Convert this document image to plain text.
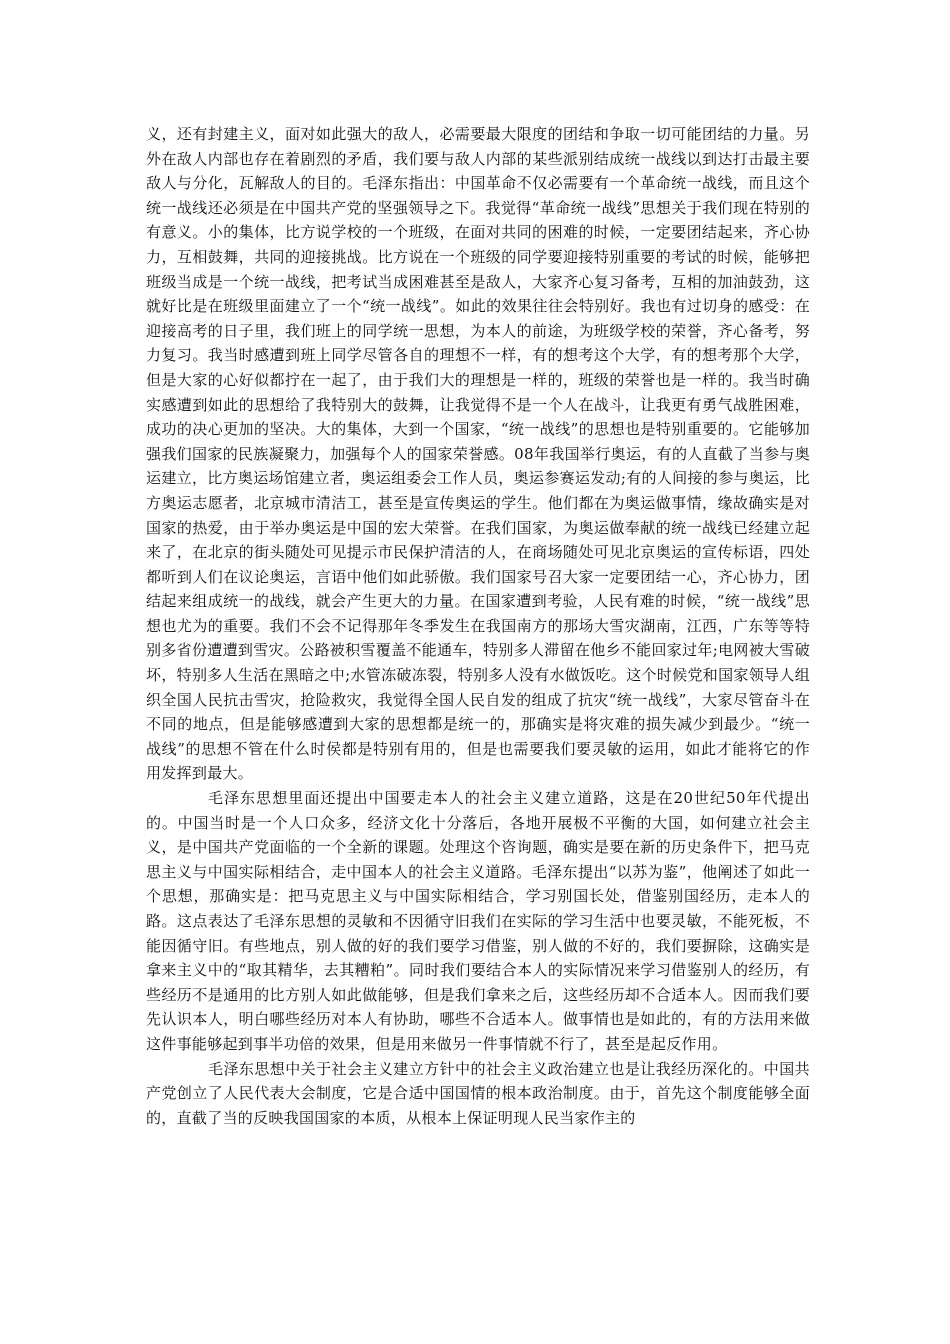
义，还有封建主义，面对如此强大的敌人，必需要最大限度的团结和争取一切可能团结的力量。另外在敌人内部也存在着剧烈的矛盾，我们要与敌人内部的某些派别结成统一战线以到达打击最主要敌人与分化，瓦解敌人的目的。毛泽东指出：中国革命不仅必需要有一个革命统一战线，而且这个统一战线还必须是在中国共产党的坚强领导之下。我觉得“革命统一战线”思想关于我们现在特别的有意义。小的集体，比方说学校的一个班级，在面对共同的困难的时候，一定要团结起来，齐心协力，互相鼓舞，共同的迎接挑战。比方说在一个班级的同学要迎接特别重要的考试的时候，能够把班级当成是一个统一战线，把考试当成困难甚至是敌人，大家齐心复习备考，互相的加油鼓劲，这就好比是在班级里面建立了一个“统一战线”。如此的效果往往会特别好。我也有过切身的感受：在迎接高考的日子里，我们班上的同学统一思想，为本人的前途，为班级学校的荣誉，齐心备考，努力复习。我当时感遭到班上同学尽管各自的理想不一样，有的想考这个大学，有的想考那个大学，但是大家的心好似都拧在一起了，由于我们大的理想是一样的，班级的荣誉也是一样的。我当时确实感遭到如此的思想给了我特别大的鼓舞，让我觉得不是一个人在战斗，让我更有勇气战胜困难，成功的决心更加的坚决。大的集体，大到一个国家，“统一战线”的思想也是特别重要的。它能够加强我们国家的民族凝聚力，加强每个人的国家荣誉感。08年我国举行奥运，有的人直截了当参与奥运建立，比方奥运场馆建立者，奥运组委会工作人员，奥运参赛运发动;有的人间接的参与奥运，比方奥运志愿者，北京城市清洁工，甚至是宣传奥运的学生。他们都在为奥运做事情，缘故确实是对国家的热爱，由于举办奥运是中国的宏大荣誉。在我们国家，为奥运做奉献的统一战线已经建立起来了，在北京的街头随处可见提示市民保护清洁的人，在商场随处可见北京奥运的宣传标语，四处都听到人们在议论奥运，言语中他们如此骄傲。我们国家号召大家一定要团结一心，齐心协力，团结起来组成统一的战线，就会产生更大的力量。在国家遭到考验，人民有难的时候，“统一战线”思想也尤为的重要。我们不会不记得那年冬季发生在我国南方的那场大雪灾湖南，江西，广东等等特别多省份遭遭到雪灾。公路被积雪覆盖不能通车，特别多人滞留在他乡不能回家过年;电网被大雪破坏，特别多人生活在黑暗之中;水管冻破冻裂，特别多人没有水做饭吃。这个时候党和国家领导人组织全国人民抗击雪灾，抢险救灾，我觉得全国人民自发的组成了抗灾“统一战线”，大家尽管奋斗在不同的地点，但是能够感遭到大家的思想都是统一的，那确实是将灾难的损失减少到最少。“统一战线”的思想不管在什么时侯都是特别有用的，但是也需要我们要灵敏的运用，如此才能将它的作用发挥到最大。

毛泽东思想里面还提出中国要走本人的社会主义建立道路，这是在20世纪50年代提出的。中国当时是一个人口众多，经济文化十分落后，各地开展极不平衡的大国，如何建立社会主义，是中国共产党面临的一个全新的课题。处理这个咨询题，确实是要在新的历史条件下，把马克思主义与中国实际相结合，走中国本人的社会主义道路。毛泽东提出“以苏为鉴”，他阐述了如此一个思想，那确实是：把马克思主义与中国实际相结合，学习别国长处，借鉴别国经历，走本人的路。这点表达了毛泽东思想的灵敏和不因循守旧我们在实际的学习生活中也要灵敏，不能死板，不能因循守旧。有些地点，别人做的好的我们要学习借鉴，别人做的不好的，我们要摒除，这确实是拿来主义中的“取其精华，去其糟粕”。同时我们要结合本人的实际情况来学习借鉴别人的经历，有些经历不是通用的比方别人如此做能够，但是我们拿来之后，这些经历却不合适本人。因而我们要先认识本人，明白哪些经历对本人有协助，哪些不合适本人。做事情也是如此的，有的方法用来做这件事能够起到事半功倍的效果，但是用来做另一件事情就不行了，甚至是起反作用。

毛泽东思想中关于社会主义建立方针中的社会主义政治建立也是让我经历深化的。中国共产党创立了人民代表大会制度，它是合适中国国情的根本政治制度。由于，首先这个制度能够全面的，直截了当的反映我国国家的本质，从根本上保证明现人民当家作主的
